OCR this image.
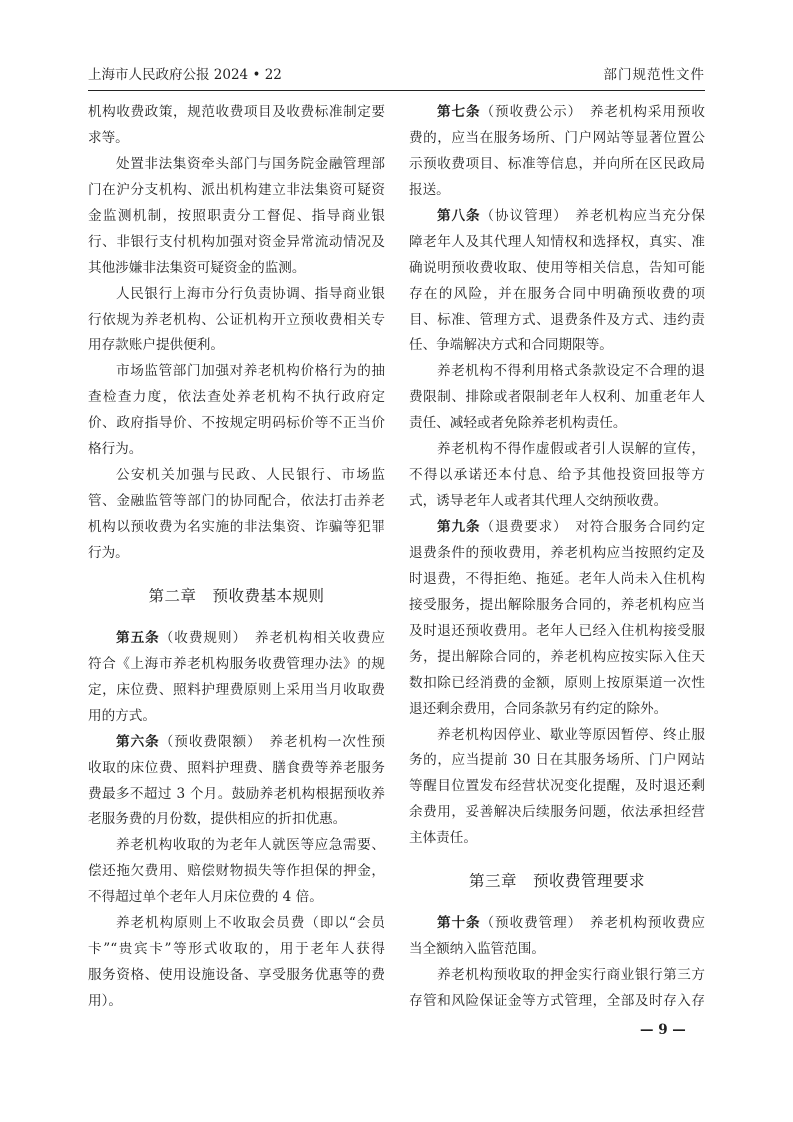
上海市人民政府公报 2024 • 22	部门规范性文件
机构收费政策，规范收费项目及收费标准制定要
求等。
处置非法集资牵头部门与国务院金融管理部
门在沪分支机构、派出机构建立非法集资可疑资
金监测机制，按照职责分工督促、指导商业银
行、非银行支付机构加强对资金异常流动情况及
其他涉嫌非法集资可疑资金的监测。
人民银行上海市分行负责协调、指导商业银
行依规为养老机构、公证机构开立预收费相关专
用存款账户提供便利。
市场监管部门加强对养老机构价格行为的抽
查检查力度，依法查处养老机构不执行政府定
价、政府指导价、不按规定明码标价等不正当价
格行为。
公安机关加强与民政、人民银行、市场监
管、金融监管等部门的协同配合，依法打击养老
机构以预收费为名实施的非法集资、诈骗等犯罪
行为。
第二章　预收费基本规则
第五条（收费规则）　养老机构相关收费应
符合《上海市养老机构服务收费管理办法》的规
定，床位费、照料护理费原则上采用当月收取费
用的方式。
第六条（预收费限额）　养老机构一次性预
收取的床位费、照料护理费、膳食费等养老服务
费最多不超过 3 个月。鼓励养老机构根据预收养
老服务费的月份数，提供相应的折扣优惠。
养老机构收取的为老年人就医等应急需要、
偿还拖欠费用、赔偿财物损失等作担保的押金，
不得超过单个老年人月床位费的 4 倍。
养老机构原则上不收取会员费（即以“会员
卡”“贵宾卡”等形式收取的，用于老年人获得
服务资格、使用设施设备、享受服务优惠等的费
用）。
第七条（预收费公示）　养老机构采用预收
费的，应当在服务场所、门户网站等显著位置公
示预收费项目、标准等信息，并向所在区民政局
报送。
第八条（协议管理）　养老机构应当充分保
障老年人及其代理人知情权和选择权，真实、准
确说明预收费收取、使用等相关信息，告知可能
存在的风险，并在服务合同中明确预收费的项
目、标准、管理方式、退费条件及方式、违约责
任、争端解决方式和合同期限等。
养老机构不得利用格式条款设定不合理的退
费限制、排除或者限制老年人权利、加重老年人
责任、减轻或者免除养老机构责任。
养老机构不得作虚假或者引人误解的宣传，
不得以承诺还本付息、给予其他投资回报等方
式，诱导老年人或者其代理人交纳预收费。
第九条（退费要求）　对符合服务合同约定
退费条件的预收费用，养老机构应当按照约定及
时退费，不得拒绝、拖延。老年人尚未入住机构
接受服务，提出解除服务合同的，养老机构应当
及时退还预收费用。老年人已经入住机构接受服
务，提出解除合同的，养老机构应按实际入住天
数扣除已经消费的金额，原则上按原渠道一次性
退还剩余费用，合同条款另有约定的除外。
养老机构因停业、歇业等原因暂停、终止服
务的，应当提前 30 日在其服务场所、门户网站
等醒目位置发布经营状况变化提醒，及时退还剩
余费用，妥善解决后续服务问题，依法承担经营
主体责任。
第三章　预收费管理要求
第十条（预收费管理）　养老机构预收费应
当全额纳入监管范围。
养老机构预收取的押金实行商业银行第三方
存管和风险保证金等方式管理，全部及时存入存
— 9 —
